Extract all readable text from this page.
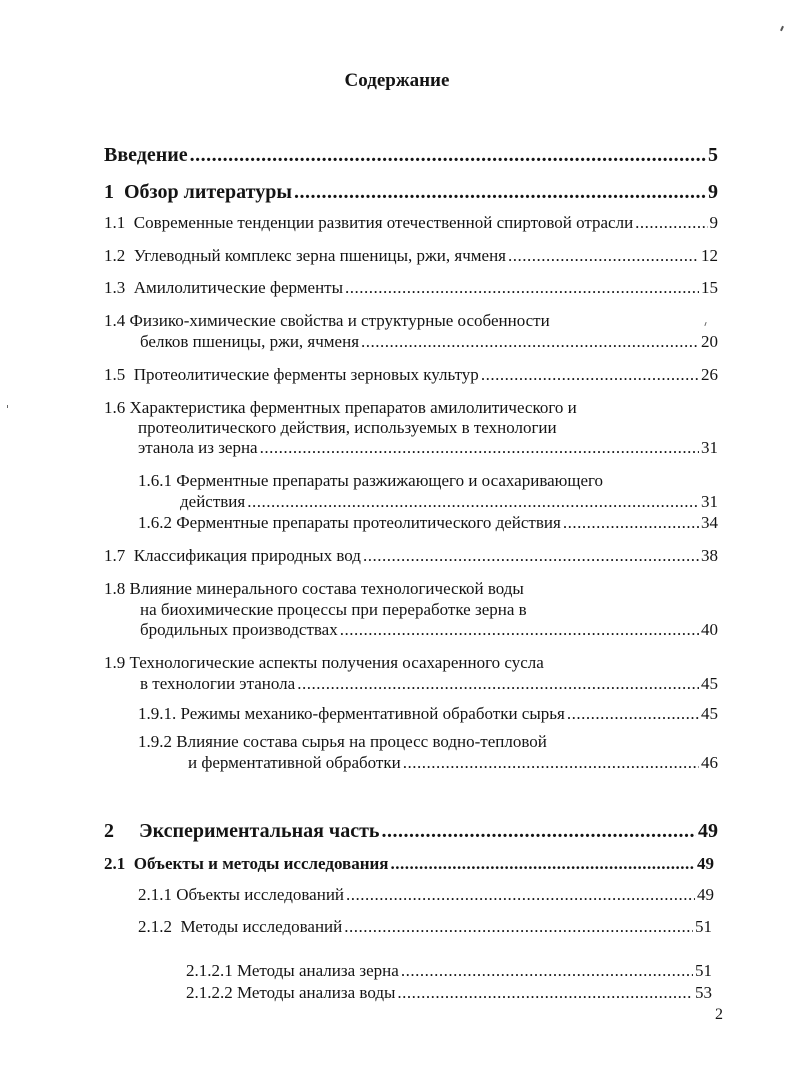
Содержание
Введение .....	5
1  Обзор литературы .....	9
1.1  Современные тенденции развития отечественной спиртовой отрасли .....	9
1.2  Углеводный комплекс зерна пшеницы, ржи, ячменя .....	12
1.3  Амилолитические ферменты .....	15
1.4 Физико-химические свойства и структурные особенности
белков пшеницы, ржи, ячменя .....	20
1.5  Протеолитические ферменты зерновых культур .....	26
1.6 Характеристика ферментных препаратов амилолитического и
протеолитического действия, используемых в технологии
этанола из зерна .....	31
1.6.1 Ферментные препараты разжижающего и осахаривающего
действия .....	31
1.6.2 Ферментные препараты протеолитического действия .....	34
1.7  Классификация природных вод .....	38
1.8 Влияние минерального состава технологической воды
на биохимические процессы при переработке зерна в
бродильных производствах .....	40
1.9 Технологические аспекты получения осахаренного сусла
в технологии этанола .....	45
1.9.1. Режимы механико-ферментативной обработки сырья .....	45
1.9.2 Влияние состава сырья на процесс водно-тепловой
и ферментативной обработки .....	46
2     Экспериментальная часть .....	49
2.1  Объекты и методы исследования .....	49
2.1.1 Объекты исследований .....	49
2.1.2  Методы исследований .....	51
2.1.2.1 Методы анализа зерна .....	51
2.1.2.2 Методы анализа воды .....	53
2
